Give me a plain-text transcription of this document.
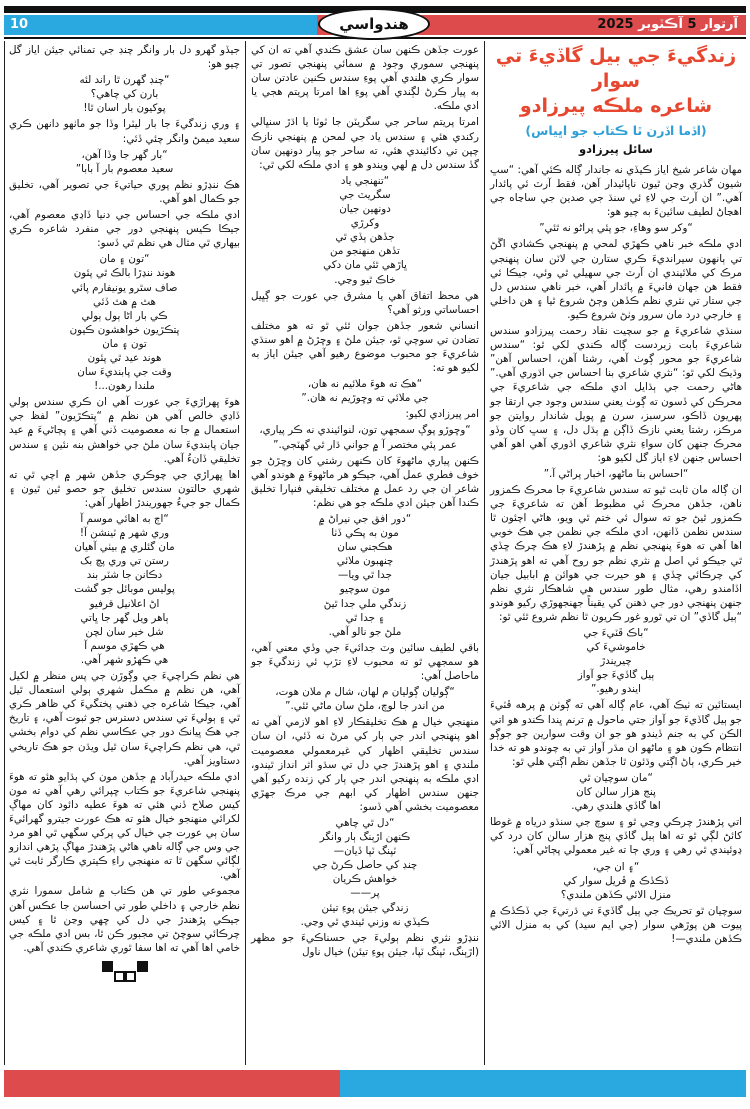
10	آرتوار 5 آڪٽوبر 2025
هندواسي
زندگيءَ جي بيل گاڏيءَ تي سوار
شاعره ملڪه پيرزادو
(اڏما اڏرن ٿا ڪتاب جو اڀياس)
سائل پيرزادو
مهان شاعر شيخ اياز ڪيڏي نه جاندار ڳاله ڪئي آهي: “سڀ شيون گذري وڃن ٿيون ناپائيدار آهن، فقط آرٽ ئي پائدار آهي.” ان آرٽ جي لاءِ ئي سنڌ جي صدين جي ساڃاه جي اهڃاڻ لطيف سائينءَ به چيو هو:
“وکر سو وهاءِ، جو پئي پراڻو نه ٿئي”
ادي ملڪه خبر ناهي ڪهڙي لمحي ۾ پنهنجي ڪشادي اڱڻ تي ٻانهون سيرانديءَ ڪري ستارن جي لاٽن سان پنهنجي مرڪ کي ملائيندي ان آرٽ جي سهيلي ٿي وئي، جيڪا ئي فقط هن جهان فانيءَ ۾ پائدار آهي، خبر ناهي سندس دل جي ستار تي نثري نظم ڪڏهن وڄڻ شروع ٿيا ۽ هن داخلي ۽ خارجي درد مان سرور وٺڻ شروع ڪيو.
سنڌي شاعريءَ ۾ جو سچيت نقاد رحمت پيرزادو سندس شاعريءَ بابت زبردست ڳاله ڪندي لکي ٿو: “سندس شاعريءَ جو محور ڳوٺ آهي، رشتا آهن، احساس آهن” وڌيڪ لکي ٿو: “نثري شاعري بنا احساس جي اڌوري آهي.” هاڻي رحمت جي ٻڌايل ادي ملڪه جي شاعريءَ جي محرڪن کي ڏسون ته ڳوٺ يعني سندس وجود جي ارتقا جو پهريون ڏاڪو، سرسبز، سرن ۾ پويل شاندار روايتن جو مرڪز، رشتا يعني نازڪ ڏاڳن ۾ ٻڌل دل، ۽ سڀ کان وڏو محرڪ جنهن کان سواءِ نثري شاعري اڌوري آهي اهو آهي احساس جنهن لاءِ اياز گل لکيو هو:
“احساس بنا ماڻهو، اخبار پراڻي آ.”
ان ڳاله مان ثابت ٿيو ته سندس شاعريءَ جا محرڪ ڪمزور ناهن، جڏهن محرڪ ئي مظبوط آهن ته شاعريءَ جي ڪمزور ٿيڻ جو ته سوال ئي ختم ٿي ويو، هاڻي اچئون ٿا سندس نظمن ڏانهن، ادي ملڪه جي نظمن جي هڪ خوبي اها آهي ته هوءَ پنهنجي نظم ۾ پڙهندڙ لاءِ هڪ چرڪ ڇڏي ٿي جيڪو ئي اصل ۾ نثري نظم جو روح آهي ته اهو پڙهندڙ کي چرڪائي ڇڏي ۽ هو حيرت جي هوائن ۾ ابابيل جيان اڏامندو رهي، مثال طور سندس هي شاهڪار نثري نظم جنهن پنهنجي دور جي ذهنن کي يقيناً جهنجهوڙي رکيو هوندو “ٻيل گاڏي” ان تي ٿورو غور ڪريون ٿا نظم شروع ٿئي ٿو:
“باڪ ڦٽيءَ جي
خاموشيءَ کي
چيريندڙ
ٻيل گاڏيءَ جو آواز
ايندو رهيو.”
ايستائين ته ٺيڪ آهي، عام ڳاله آهي ته ڳوٺن ۾ پرهه ڦٽيءَ جو ٻيل گاڏيءَ جو آواز جتي ماحول ۾ ترنم ڀندا ڪندو هو اتي الڪن کي به جنم ڏيندو هو جو ان وقت سوارين جو جوڳو انتظام ڪون هو ۽ ماڻهو ان مڌر آواز تي به چوندو هو ته خدا خير ڪري، ٻاڻ اڳتي وڌئون ٿا جڏهن نظم اڳتي هلي ٿو:
“مان سوچيان ٿي
پنج هزار سالن کان
اها گاڏي هلندي رهي.
اتي پڙهندڙ چرڪي وڃي ٿو ۽ سوچ جي سنڌو درياه ۾ غوطا کائڻ لڳي ٿو ته اها ٻيل گاڏي پنج هزار سالن کان درد کي ڍوئيندي ٿي رهي ۽ وري ڄا ته غير معمولي پڄاڻي آهي:
“۽ ان جي،
ڏڪڏڪ ۾ ڦريل سوار کي
منزل الائي ڪڏهن ملندي؟
سوچيان ٿو تحريڪ جي ٻيل گاڏيءَ تي ڌرتيءَ جي ڏڪڏڪ ۾ پيوت هن پوڙهي سوار (جي ايم سيد) کي به منزل الائي ڪڏهن ملندي—!
عورت جڏهن ڪنهن سان عشق ڪندي آهي ته ان کي پنهنجي سموري وجود ۾ سمائي پنهنجي تصور تي سوار ڪري هلندي آهي پوءِ سندس ڪنين عادتن سان به پيار ڪرڻ لڳندي آهي پوءِ اها امرتا پريتم هجي يا ادي ملڪه.
امرتا پريتم ساحر جي سگريٽن جا ٽوٽا يا اڌڙ سنڀالي رکندي هئي ۽ سندس ياد جي لمحن ۾ پنهنجي نازڪ چپن تي دکائيندي هئي، ته ساحر جو پيار دونهين سان گڏ سندس دل ۾ لهي ويندو هو ۽ ادي ملڪه لکي ٿي:
“تنهنجي ياد
سگريٽ جي
دونهين جيان
وکرڙي
جڏهن ٻڏي ٿي
تڏهن منهنجو من
ڀاڙهي ٿئي مان دکي
خاڪ ٿيو وڃي.
هي محظ اتفاق آهي يا مشرق جي عورت جو ڳڀيل احساساتي ورثو آهي؟
انساني شعور جڏهن جوان ٿئي ٿو ته هو مختلف تضادن تي سوچي ٿو، جيئن ملڻ ۽ وڇڙڻ ۾ اهو سنڌي شاعريءَ جو محبوب موضوع رهيو آهي جيئن اياز به لکيو هو ته:
“هڪ ته هوءَ ملائيم نه هان،
جي ملائي ته وڇوڙيم نه هان.”
امر پيرزادي لکيو:
“وڇوڙو پوڳ سمجهي تون، لنوائيندي نه ڪر پياري،
عمر پئي مختصر آ ۾ جواني ڌار ٿي گهٽجي.”
ڪنهن پياري ماڻهوءَ کان ڪنهن رشتي کان وڇڙڻ جو خوف فطري عمل آهي، جيڪو هر ماڻهوءَ ۾ هوندو آهي شاعر ان جي رد عمل ۾ مختلف تخليقي فنپارا تخليق ڪندا آهن جيئن ادي ملڪه جو هي نظم:
“دور افق جي نيراڻ ۾
مون به پڪي ڏٺا
هڪجني سان
چنهبون ملائي
جدا ٿي ويا—
مون سوچيو
زندگي ملي جدا ٿيڻ
۽ جدا ٿي
ملڻ جو نالو آهي.
باقي لطيف سائين وٽ جدائيءَ جي وڏي معني آهي، هو سمجهي ٿو ته محبوب لاءِ تڙپ ئي زندگيءَ جو ماحاصل آهي:
“ڳوليان ڳوليان م لهان، شال م ملان هوت،
من اندر جا لوچ، ملڻ سان ماڻي ٿئي.”
منهنجي خيال ۾ هڪ تخليقڪار لاءِ اهو لازمي آهي ته اهو پنهنجي اندر جي ٻار کي مرڻ نه ڏئي، ان سان سندس تخليقي اظهار کي غيرمعمولي معصوميت ملندي ۽ اهو پڙهندڙ جي دل تي سڌو اثر انداز ٿيندو، ادي ملڪه به پنهنجي اندر جي ٻار کي زنده رکيو آهي جنهن سندس اظهار کي ابهم جي مرڪ جهڙي معصوميت بخشي آهي ڏسو:
“دل ٿي چاهي
ڪنهن اڙٻنگ ٻار وانگر
ٽپنگ ٽپا ڏيان—
چنڊ کي حاصل ڪرڻ جي
خواهش ڪريان
پر——
زندگي جيئن پوءِ تيئن
ڪيڏي نه وزني ٿيندي ٿي وڃي.
ننڍڙو نثري نظم ٻوليءَ جي حسناڪيءَ جو مظهر (اڙٻنگ، ٽپنگ ٽپا، جيئن پوءِ تيئن) خيال ناول
جيڏو گهرو دل بار وانگر چنڊ جي تمنائي جيئن اياز گل چيو هو:
“چنڊ گهرن ٿا راند لئه
بارن کي چاهي؟
پوکيون بار اسان ٿا!
۽ وري زندگيءَ جا بار ليٽرا وڏا جو ماٺهو دانهن ڪري سعيد ميمڻ وانگر چئي ڏئي:
“بار گهر جا وڏا آهن،
سعيد معصوم بار آ بابا”
هڪ ننڍڙو نظم پوري حياتيءَ جي تصوير آهي، تخليق جو ڪمال اهو آهي.
ادي ملڪه جي احساس جي دنيا ڏاڍي معصوم آهي، جيڪا ڪيس پنهنجي دور جي منفرد شاعره ڪري بيهاري ٿي مثال هي نظم ٿي ڏسو:
“تون ۽ مان
هوند ننڍڙا بالڪ ٿي پئون
صاف سٿرو يونيفارم پائي
هٿ ۾ هٿ ڏئي
ڪي بار اڻا ٻول ٻولي
پتڪڙيون خواهشون ڪيون
تون ۽ مان
هوند عيد ٿي پئون
وقت جي پابنديءَ سان
ملندا رهون...!
هوءَ ڀهراڙيءَ جي عورت آهي ان ڪري سندس ٻولي ڏاڍي خالص آهي هن نظم ۾ “پتڪڙيون” لفظ جي استعمال ۾ جا نه معصوميت ڏني آهي ۽ پڄاڻيءَ ۾ عيد جيان پابنديءَ سان ملڻ جي خواهش بنه نئين ۽ سندس تخليقي ڏانءُ آهي.
اها ڀهراڙي جي چوڪري جڏهن شهر ۾ اچي ٿي ته شهري حالتون سندس تخليق جو حصو ٿين ٿيون ۽ ڪمال جو جيءُ جهوريندڙ اظهار آهي:
“اڄ به اهائي موسم آ
وري شهر ۾ ٽينشن آ!
مان گئلري ۾ بيٺي آهيان
رستن تي وري پچ بک
دڪانن جا شٽر بند
پوليس موبائل جو گشت
اڻ اعلانيل قرفيو
ٻاهر ويل گهر جا ڀاتي
شل خير سان لچن
هي ڪهڙي موسم آ
هي ڪهڙو شهر آهي.
هي نظم ڪراچيءَ جي وڳوڙن جي پس منظر ۾ لکيل آهي، هن نظم ۾ مڪمل شهري ٻولي استعمال ٿيل آهي، جيڪا شاعره جي ذهني پختگيءَ کي ظاهر ڪري ٿي ۽ ٻوليءَ تي سندس دسترس جو ثبوت آهي، ۽ تاريخ جي هڪ ڀيانڪ دور جي عڪاسي نظم کي دوام بخشي ٿي، هي نظم ڪراچيءَ سان ٿيل ويڌن جو هڪ تاريخي دستاويز آهي.
ادي ملڪه حيدرآباد ۾ جڏهن مون کي ٻڌايو هئو ته هوءَ پنهنجي شاعريءَ جو ڪتاب ڇپرائي رهي آهي ته مون کيس صلاح ڏني هئي ته هوءَ عطيه دائود کان مهاڳ لکرائي منهنجو خيال هئو ته هڪ عورت جيترو گهرائيءَ سان ٻي عورت جي خيال کي پرکي سگهي ٿي اهو مرد جي وس جي ڳاله ناهي هاڻي پڙهندڙ مهاڳ پڙهي اندازو لڳائي سگهن ٿا ته منهنجي راءِ ڪيتري ڪارگر ثابت ٿي آهي.
مجموعي طور تي هن ڪتاب ۾ شامل سمورا نثري نظم خارجي ۽ داخلي طور تي احساسن جا عڪس آهن جيڪي پڙهندڙ جي دل کي ڇهي وڃن ٿا ۽ کيس چرڪائي سوچڻ تي مجبور ڪن ٿا، بس ادي ملڪه جي خامي اها آهي ته اها سفا ٿوري شاعري ڪندي آهي.
